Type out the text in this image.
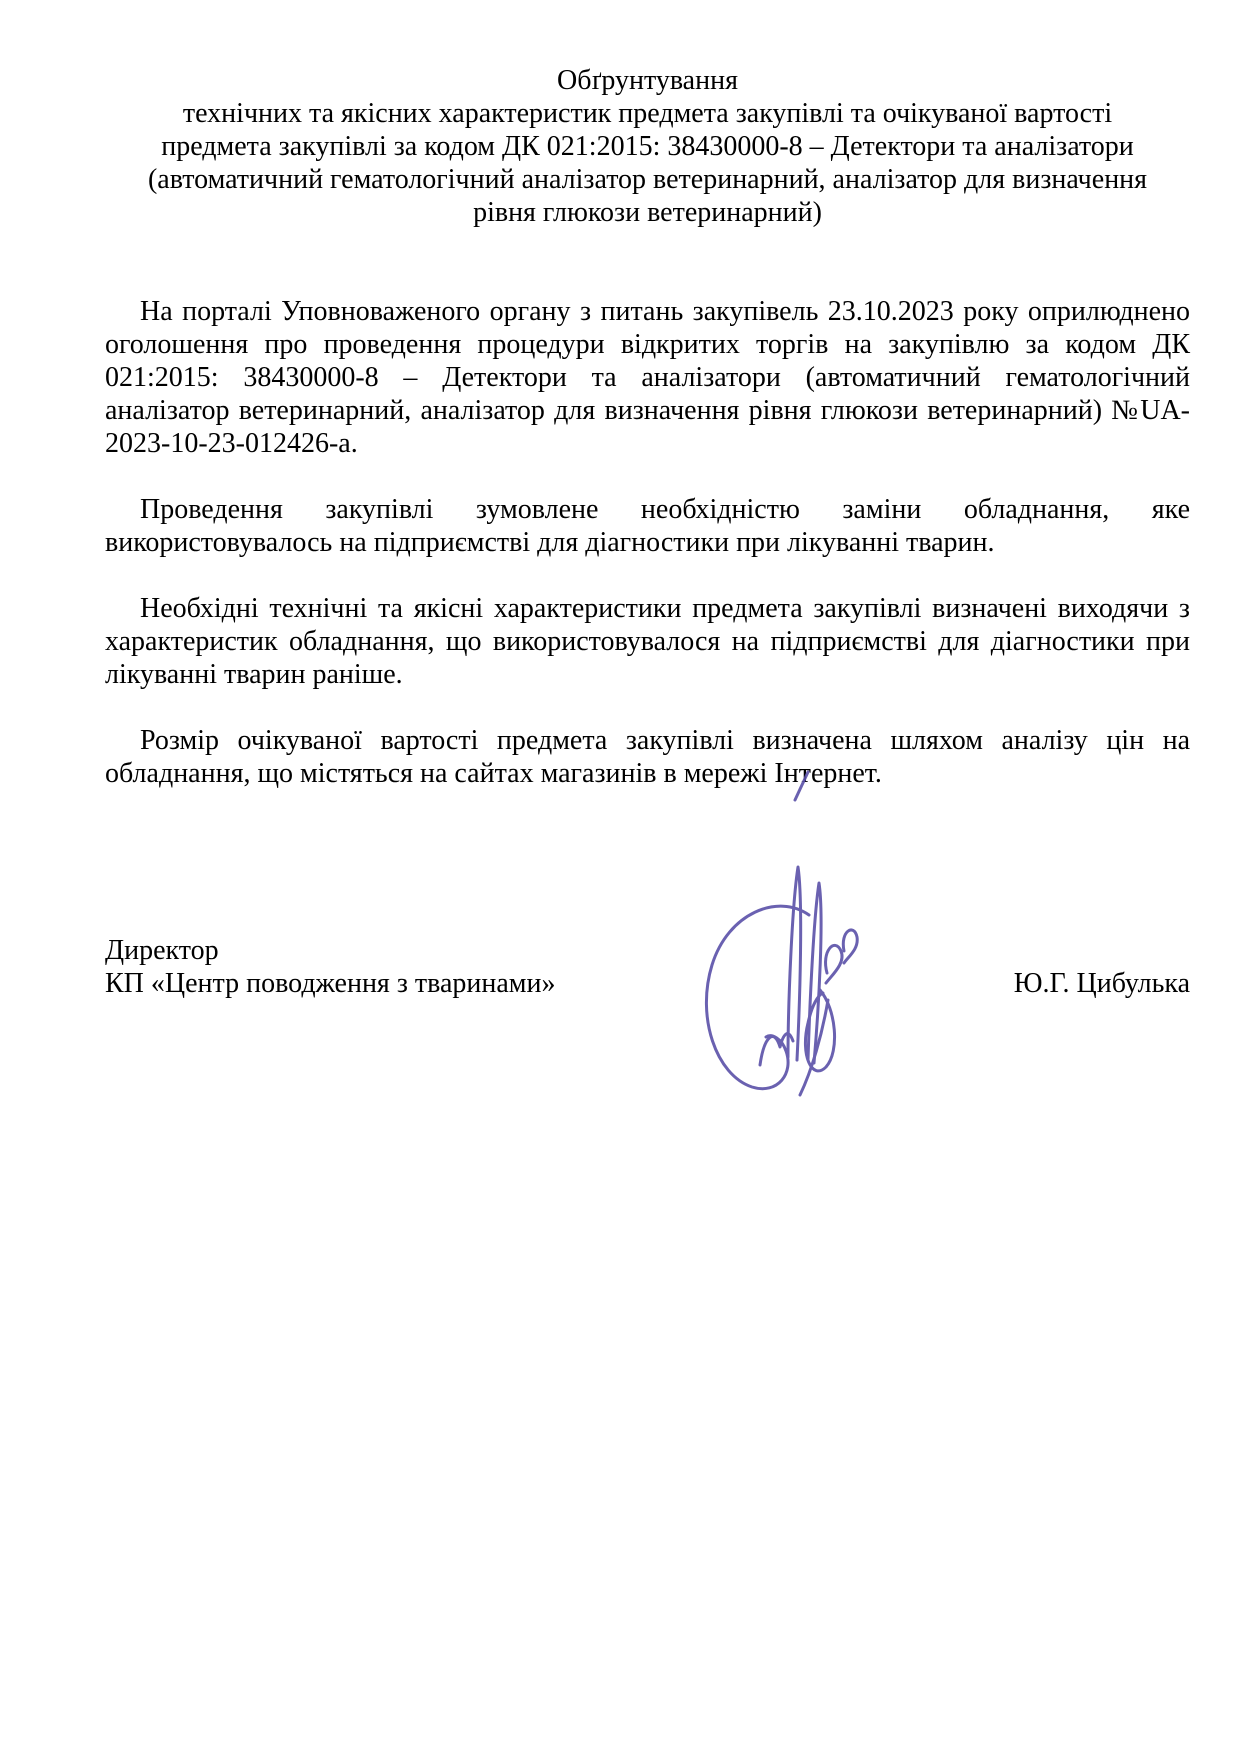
Обґрунтування
технічних та якісних характеристик предмета закупівлі та очікуваної вартості
предмета закупівлі за кодом ДК 021:2015: 38430000-8 – Детектори та аналізатори
(автоматичний гематологічний аналізатор ветеринарний, аналізатор для визначення
рівня глюкози ветеринарний)

На порталі Уповноваженого органу з питань закупівель 23.10.2023 року оприлюднено оголошення про проведення процедури відкритих торгів на закупівлю за кодом ДК 021:2015: 38430000-8 – Детектори та аналізатори (автоматичний гематологічний аналізатор ветеринарний, аналізатор для визначення рівня глюкози ветеринарний) №UA-2023-10-23-012426-а.

Проведення закупівлі зумовлене необхідністю заміни обладнання, яке використовувалось на підприємстві для діагностики при лікуванні тварин.

Необхідні технічні та якісні характеристики предмета закупівлі визначені виходячи з характеристик обладнання, що використовувалося на підприємстві для діагностики при лікуванні тварин раніше.

Розмір очікуваної вартості предмета закупівлі визначена шляхом аналізу цін на обладнання, що містяться на сайтах магазинів в мережі Інтернет.

Директор
КП «Центр поводження з тваринами»	Ю.Г. Цибулька
